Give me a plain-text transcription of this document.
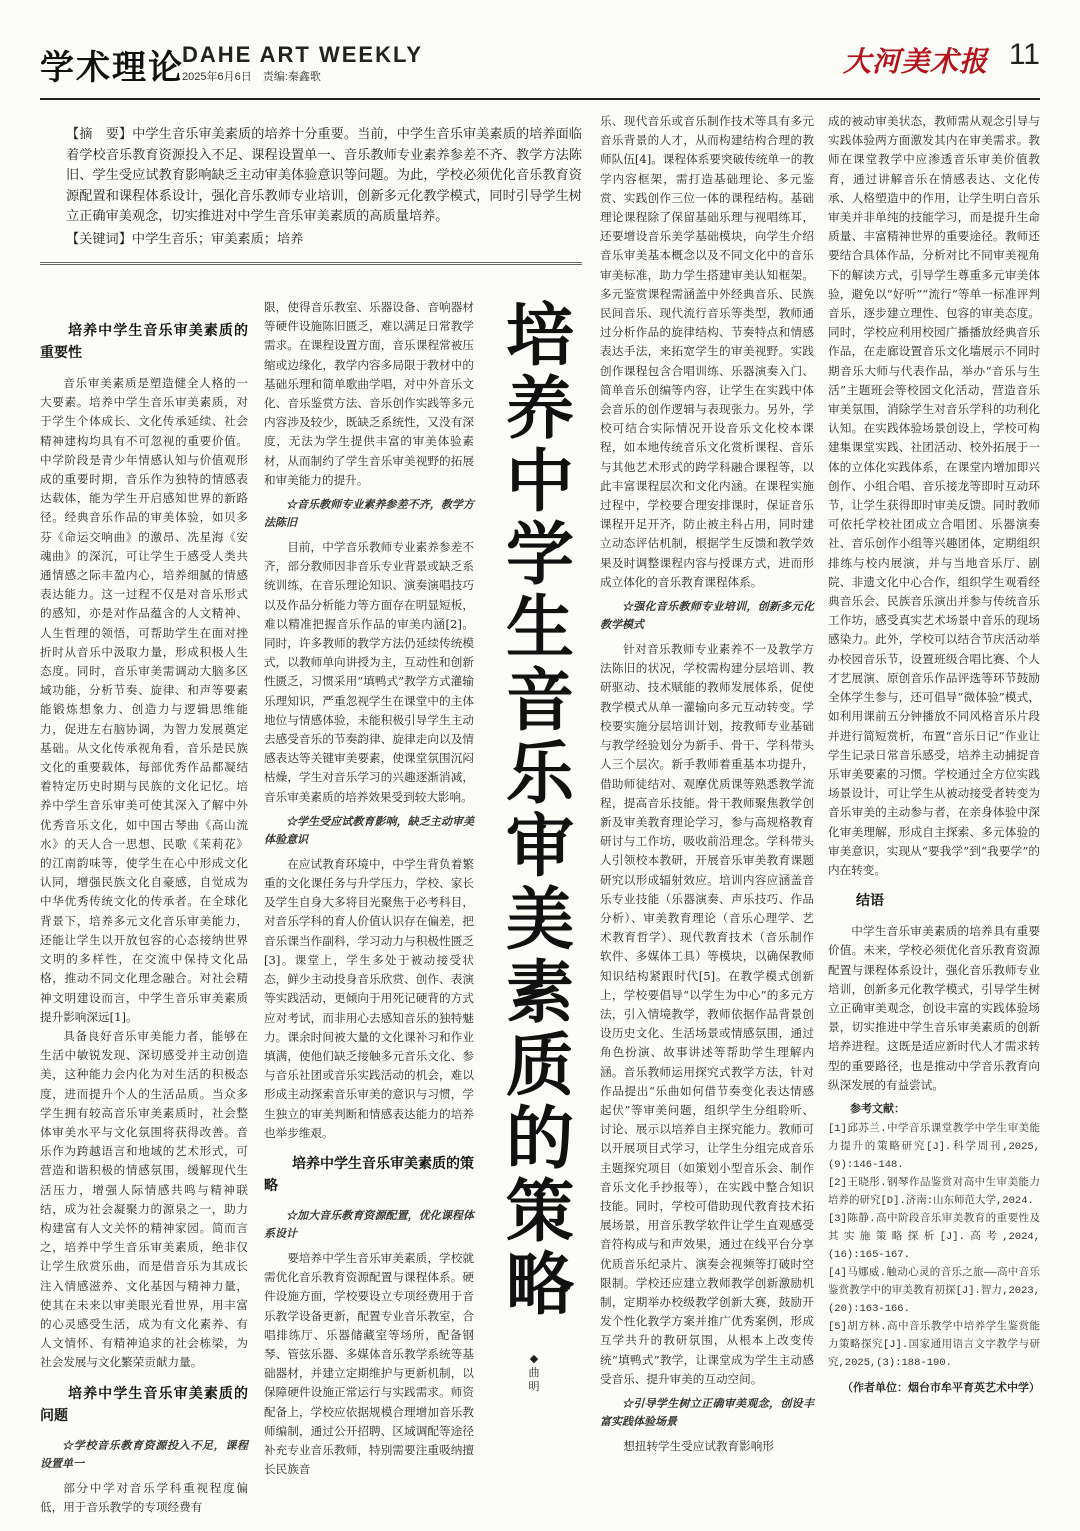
学术理论
DAHE ART WEEKLY
2025年6月6日 责编:秦鑫歌	大河美术报 11

【摘　要】中学生音乐审美素质的培养十分重要。当前，中学生音乐审美素质的培养面临着学校音乐教育资源投入不足、课程设置单一、音乐教师专业素养参差不齐、教学方法陈旧、学生受应试教育影响缺乏主动审美体验意识等问题。为此，学校必须优化音乐教育资源配置和课程体系设计，强化音乐教师专业培训，创新多元化教学模式，同时引导学生树立正确审美观念，切实推进对中学生音乐审美素质的高质量培养。

【关键词】中学生音乐；审美素质；培养

培养中学生音乐审美素质的重要性

音乐审美素质是塑造健全人格的一大要素。培养中学生音乐审美素质，对于学生个体成长、文化传承延续、社会精神建构均具有不可忽视的重要价值。中学阶段是青少年情感认知与价值观形成的重要时期，音乐作为独特的情感表达载体，能为学生开启感知世界的新路径。经典音乐作品的审美体验，如贝多芬《命运交响曲》的激昂、冼星海《安魂曲》的深沉，可让学生于感受人类共通情感之际丰盈内心，培养细腻的情感表达能力。这一过程不仅是对音乐形式的感知，亦是对作品蕴含的人文精神、人生哲理的领悟，可帮助学生在面对挫折时从音乐中汲取力量，形成积极人生态度。同时，音乐审美需调动大脑多区域功能，分析节奏、旋律、和声等要素能锻炼想象力、创造力与逻辑思维能力，促进左右脑协调，为智力发展奠定基础。从文化传承视角看，音乐是民族文化的重要载体，每部优秀作品都凝结着特定历史时期与民族的文化记忆。培养中学生音乐审美可使其深入了解中外优秀音乐文化，如中国古琴曲《高山流水》的天人合一思想、民歌《茉莉花》的江南韵味等，使学生在心中形成文化认同，增强民族文化自豪感，自觉成为中华优秀传统文化的传承者。在全球化背景下，培养多元文化音乐审美能力，还能让学生以开放包容的心态接纳世界文明的多样性，在交流中保持文化品格，推动不同文化理念融合。对社会精神文明建设而言，中学生音乐审美素质提升影响深远[1]。

具备良好音乐审美能力者，能够在生活中敏锐发现、深切感受并主动创造美，这种能力会内化为对生活的积极态度，进而提升个人的生活品质。当众多学生拥有较高音乐审美素质时，社会整体审美水平与文化氛围将获得改善。音乐作为跨越语言和地域的艺术形式，可营造和谐积极的情感氛围，缓解现代生活压力，增强人际情感共鸣与精神联结，成为社会凝聚力的源泉之一，助力构建富有人文关怀的精神家园。简而言之，培养中学生音乐审美素质，绝非仅让学生欣赏乐曲，而是借音乐为其成长注入情感滋养、文化基因与精神力量，使其在未来以审美眼光看世界，用丰富的心灵感受生活，成为有文化素养、有人文情怀、有精神追求的社会栋梁，为社会发展与文化繁荣贡献力量。

培养中学生音乐审美素质的问题
☆学校音乐教育资源投入不足，课程设置单一

部分中学对音乐学科重视程度偏低，用于音乐教学的专项经费有

限，使得音乐教室、乐器设备、音响器材等硬件设施陈旧匮乏，难以满足日常教学需求。在课程设置方面，音乐课程常被压缩或边缘化，教学内容多局限于教材中的基础乐理和简单歌曲学唱，对中外音乐文化、音乐鉴赏方法、音乐创作实践等多元内容涉及较少，既缺乏系统性，又没有深度，无法为学生提供丰富的审美体验素材，从而制约了学生音乐审美视野的拓展和审美能力的提升。

☆音乐教师专业素养参差不齐，教学方法陈旧

目前，中学音乐教师专业素养参差不齐，部分教师因非音乐专业背景或缺乏系统训练，在音乐理论知识、演奏演唱技巧以及作品分析能力等方面存在明显短板，难以精准把握音乐作品的审美内涵[2]。同时，许多教师的教学方法仍延续传统模式，以教师单向讲授为主，互动性和创新性匮乏，习惯采用“填鸭式”教学方式灌输乐理知识，严重忽视学生在课堂中的主体地位与情感体验，未能积极引导学生主动去感受音乐的节奏韵律、旋律走向以及情感表达等关键审美要素，使课堂氛围沉闷枯燥，学生对音乐学习的兴趣逐渐消减，音乐审美素质的培养效果受到较大影响。

☆学生受应试教育影响，缺乏主动审美体验意识

在应试教育环境中，中学生背负着繁重的文化课任务与升学压力，学校、家长及学生自身大多将目光聚焦于必考科目，对音乐学科的育人价值认识存在偏差，把音乐课当作副科，学习动力与积极性匮乏[3]。课堂上，学生多处于被动接受状态，鲜少主动投身音乐欣赏、创作、表演等实践活动，更倾向于用死记硬背的方式应对考试，而非用心去感知音乐的独特魅力。课余时间被大量的文化课补习和作业填满，使他们缺乏接触多元音乐文化、参与音乐社团或音乐实践活动的机会，难以形成主动探索音乐审美的意识与习惯，学生独立的审美判断和情感表达能力的培养也举步维艰。

培养中学生音乐审美素质的策略
☆加大音乐教育资源配置，优化课程体系设计

要培养中学生音乐审美素质，学校就需优化音乐教育资源配置与课程体系。硬件设施方面，学校要设立专项经费用于音乐教学设备更新，配置专业音乐教室，合唱排练厅、乐器储藏室等场所，配备钢琴、管弦乐器、多媒体音乐教学系统等基础器材，并建立定期维护与更新机制，以保障硬件设施正常运行与实践需求。师资配备上，学校应依据规模合理增加音乐教师编制，通过公开招聘、区域调配等途径补充专业音乐教师，特别需要注重吸纳擅长民族音

培
养
中
学
生
音
乐
审
美
素
质
的
策
略
◆
曲
明

乐、现代音乐或音乐制作技术等具有多元音乐背景的人才，从而构建结构合理的教师队伍[4]。课程体系要突破传统单一的教学内容框架，需打造基础理论、多元鉴赏、实践创作三位一体的课程结构。基础理论课程除了保留基础乐理与视唱练耳，还要增设音乐美学基础模块，向学生介绍音乐审美基本概念以及不同文化中的音乐审美标准，助力学生搭建审美认知框架。多元鉴赏课程需涵盖中外经典音乐、民族民间音乐、现代流行音乐等类型，教师通过分析作品的旋律结构、节奏特点和情感表达手法，来拓宽学生的审美视野。实践创作课程包含合唱训练、乐器演奏入门、简单音乐创编等内容，让学生在实践中体会音乐的创作逻辑与表现张力。另外，学校可结合实际情况开设音乐文化校本课程，如本地传统音乐文化赏析课程、音乐与其他艺术形式的跨学科融合课程等，以此丰富课程层次和文化内涵。在课程实施过程中，学校要合理安排课时，保证音乐课程开足开齐，防止被主科占用，同时建立动态评估机制，根据学生反馈和教学效果及时调整课程内容与授课方式，进而形成立体化的音乐教育课程体系。

☆强化音乐教师专业培训，创新多元化教学模式

针对音乐教师专业素养不一及教学方法陈旧的状况，学校需构建分层培训、教研驱动、技术赋能的教师发展体系，促使教学模式从单一灌输向多元互动转变。学校要实施分层培训计划，按教师专业基础与教学经验划分为新手、骨干、学科带头人三个层次。新手教师着重基本功提升，借助师徒结对、观摩优质课等熟悉教学流程，提高音乐技能。骨干教师聚焦教学创新及审美教育理论学习，参与高规格教育研讨与工作坊，吸收前沿理念。学科带头人引领校本教研，开展音乐审美教育课题研究以形成辐射效应。培训内容应涵盖音乐专业技能（乐器演奏、声乐技巧、作品分析）、审美教育理论（音乐心理学、艺术教育哲学）、现代教育技术（音乐制作软件、多媒体工具）等模块，以确保教师知识结构紧跟时代[5]。在教学模式创新上，学校要倡导“以学生为中心”的多元方法，引入情境教学，教师依据作品背景创设历史文化、生活场景或情感氛围，通过角色扮演、故事讲述等帮助学生理解内涵。音乐教师运用探究式教学方法，针对作品提出“乐曲如何借节奏变化表达情感起伏”等审美问题，组织学生分组聆听、讨论、展示以培养自主探究能力。教师可以开展项目式学习，让学生分组完成音乐主题探究项目（如策划小型音乐会、制作音乐文化手抄报等），在实践中整合知识技能。同时，学校可借助现代教育技术拓展场景，用音乐教学软件让学生直观感受音符构成与和声效果，通过在线平台分享优质音乐纪录片、演奏会视频等打破时空限制。学校还应建立教师教学创新激励机制，定期举办校级教学创新大赛，鼓励开发个性化教学方案并推广优秀案例，形成互学共升的教研氛围，从根本上改变传统“填鸭式”教学，让课堂成为学生主动感受音乐、提升审美的互动空间。

☆引导学生树立正确审美观念，创设丰富实践体验场景

想扭转学生受应试教育影响形

成的被动审美状态，教师需从观念引导与实践体验两方面激发其内在审美需求。教师在课堂教学中应渗透音乐审美价值教育，通过讲解音乐在情感表达、文化传承、人格塑造中的作用，让学生明白音乐审美并非单纯的技能学习，而是提升生命质量、丰富精神世界的重要途径。教师还要结合具体作品，分析对比不同审美视角下的解读方式，引导学生尊重多元审美体验，避免以“好听”“流行”等单一标准评判音乐，逐步建立理性、包容的审美态度。同时，学校应利用校园广播播放经典音乐作品，在走廊设置音乐文化墙展示不同时期音乐大师与代表作品，举办“音乐与生活”主题班会等校园文化活动，营造音乐审美氛围，消除学生对音乐学科的功利化认知。在实践体验场景创设上，学校可构建集课堂实践、社团活动、校外拓展于一体的立体化实践体系，在课堂内增加即兴创作、小组合唱、音乐接龙等即时互动环节，让学生获得即时审美反馈。同时教师可依托学校社团成立合唱团、乐器演奏社、音乐创作小组等兴趣团体，定期组织排练与校内展演，并与当地音乐厅、剧院、非遗文化中心合作，组织学生观看经典音乐会、民族音乐演出并参与传统音乐工作坊，感受真实艺术场景中音乐的现场感染力。此外，学校可以结合节庆活动举办校园音乐节，设置班级合唱比赛、个人才艺展演、原创音乐作品评选等环节鼓励全体学生参与，还可倡导“微体验”模式，如利用课前五分钟播放不同风格音乐片段并进行简短赏析，布置“音乐日记”作业让学生记录日常音乐感受，培养主动捕捉音乐审美要素的习惯。学校通过全方位实践场景设计，可让学生从被动接受者转变为音乐审美的主动参与者，在亲身体验中深化审美理解，形成自主探索、多元体验的审美意识，实现从“要我学”到“我要学”的内在转变。

结语

中学生音乐审美素质的培养具有重要价值。未来，学校必须优化音乐教育资源配置与课程体系设计，强化音乐教师专业培训，创新多元化教学模式，引导学生树立正确审美观念，创设丰富的实践体验场景，切实推进中学生音乐审美素质的创新培养进程。这既是适应新时代人才需求转型的重要路径，也是推动中学音乐教育向纵深发展的有益尝试。

参考文献：

[1]邱苏兰.中学音乐课堂教学中学生审美能力提升的策略研究[J].科学周刊,2025,(9):146-148.

[2]王晓彤.钢琴作品鉴赏对高中生审美能力培养的研究[D].济南:山东师范大学,2024.

[3]陈静.高中阶段音乐审美教育的重要性及其实施策略探析[J].高考,2024,(16):165-167.

[4]马娜威.触动心灵的音乐之旅——高中音乐鉴赏教学中的审美教育初探[J].智力,2023,(20):163-166.

[5]胡方林.高中音乐教学中培养学生鉴赏能力策略探究[J].国家通用语言文字教学与研究,2025,(3):188-190.

（作者单位：烟台市牟平育英艺术中学）
